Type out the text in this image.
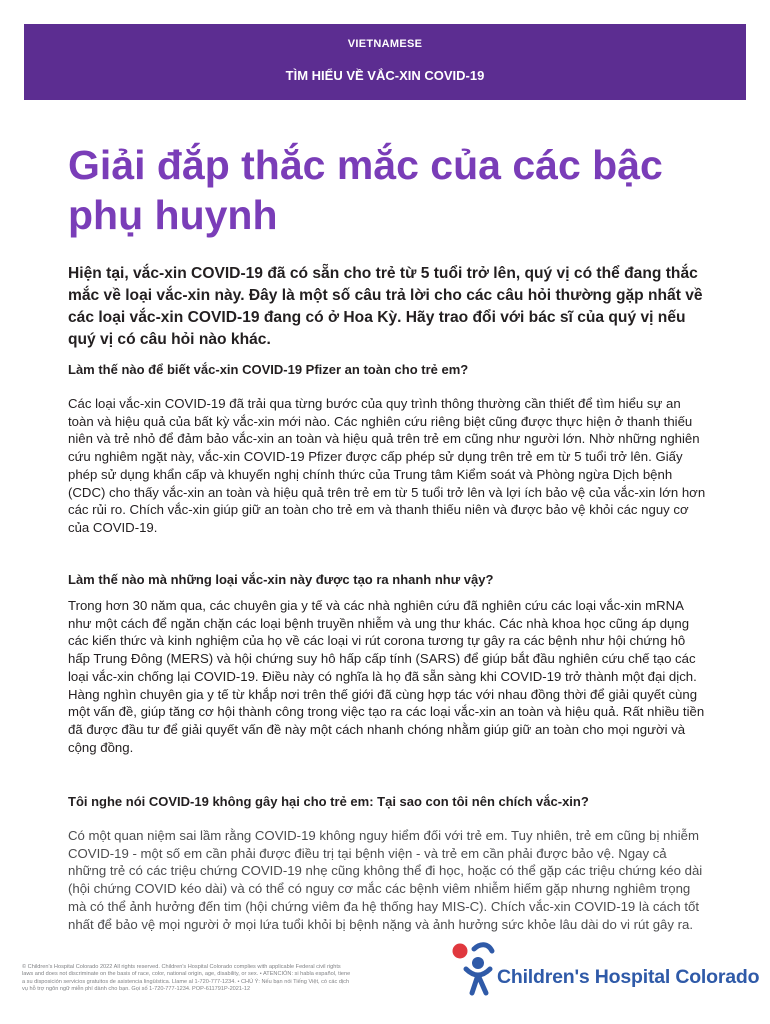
VIETNAMESE
TÌM HIỂU VỀ VẮC-XIN COVID-19
Giải đắp thắc mắc của các bậc phụ huynh

Hiện tại, vắc-xin COVID-19 đã có sẵn cho trẻ từ 5 tuổi trở lên, quý vị có thể đang thắc mắc về loại vắc-xin này. Đây là một số câu trả lời cho các câu hỏi thường gặp nhất về các loại vắc-xin COVID-19 đang có ở Hoa Kỳ. Hãy trao đổi với bác sĩ của quý vị nếu quý vị có câu hỏi nào khác.

Làm thế nào để biết vắc-xin COVID-19 Pfizer an toàn cho trẻ em?

Các loại vắc-xin COVID-19 đã trải qua từng bước của quy trình thông thường cần thiết để tìm hiểu sự an toàn và hiệu quả của bất kỳ vắc-xin mới nào. Các nghiên cứu riêng biệt cũng được thực hiện ở thanh thiếu niên và trẻ nhỏ để đảm bảo vắc-xin an toàn và hiệu quả trên trẻ em cũng như người lớn. Nhờ những nghiên cứu nghiêm ngặt này, vắc-xin COVID-19 Pfizer được cấp phép sử dụng trên trẻ em từ 5 tuổi trở lên. Giấy phép sử dụng khẩn cấp và khuyến nghị chính thức của Trung tâm Kiểm soát và Phòng ngừa Dịch bệnh (CDC) cho thấy vắc-xin an toàn và hiệu quả trên trẻ em từ 5 tuổi trở lên và lợi ích bảo vệ của vắc-xin lớn hơn các rủi ro. Chích vắc-xin giúp giữ an toàn cho trẻ em và thanh thiếu niên và được bảo vệ khỏi các nguy cơ của COVID-19.

Làm thế nào mà những loại vắc-xin này được tạo ra nhanh như vậy?

Trong hơn 30 năm qua, các chuyên gia y tế và các nhà nghiên cứu đã nghiên cứu các loại vắc-xin mRNA như một cách để ngăn chặn các loại bệnh truyền nhiễm và ung thư khác. Các nhà khoa học cũng áp dụng các kiến thức và kinh nghiệm của họ về các loại vi rút corona tương tự gây ra các bệnh như hội chứng hô hấp Trung Đông (MERS) và hội chứng suy hô hấp cấp tính (SARS) để giúp bắt đầu nghiên cứu chế tạo các loại vắc-xin chống lại COVID-19. Điều này có nghĩa là họ đã sẵn sàng khi COVID-19 trở thành một đại dịch. Hàng nghìn chuyên gia y tế từ khắp nơi trên thế giới đã cùng hợp tác với nhau đồng thời để giải quyết cùng một vấn đề, giúp tăng cơ hội thành công trong việc tạo ra các loại vắc-xin an toàn và hiệu quả. Rất nhiều tiền đã được đầu tư để giải quyết vấn đề này một cách nhanh chóng nhằm giúp giữ an toàn cho mọi người và cộng đồng.

Tôi nghe nói COVID-19 không gây hại cho trẻ em: Tại sao con tôi nên chích vắc-xin?

Có một quan niệm sai lầm rằng COVID-19 không nguy hiểm đối với trẻ em. Tuy nhiên, trẻ em cũng bị nhiễm COVID-19 - một số em cần phải được điều trị tại bệnh viện - và trẻ em cần phải được bảo vệ. Ngay cả những trẻ có các triệu chứng COVID-19 nhẹ cũng không thể đi học, hoặc có thể gặp các triệu chứng kéo dài (hội chứng COVID kéo dài) và có thể có nguy cơ mắc các bệnh viêm nhiễm hiếm gặp nhưng nghiêm trọng mà có thể ảnh hưởng đến tim (hội chứng viêm đa hệ thống hay MIS-C). Chích vắc-xin COVID-19 là cách tốt nhất để bảo vệ mọi người ở mọi lứa tuổi khỏi bị bệnh nặng và ảnh hưởng sức khỏe lâu dài do vi rút gây ra.

© Children's Hospital Colorado 2022 All rights reserved. Children's Hospital Colorado complies with applicable Federal civil rights laws and does not discriminate on the basis of race, color, national origin, age, disability, or sex. • ATENCIÓN: si habla español, tiene a su disposición servicios gratuitos de asistencia lingüística. Llame al 1-720-777-1234. • CHÚ Ý: Nếu bạn nói Tiếng Việt, có các dịch vụ hỗ trợ ngôn ngữ miễn phí dành cho bạn. Gọi số 1-720-777-1234. POP-611791P-2021-12
Children's Hospital Colorado
